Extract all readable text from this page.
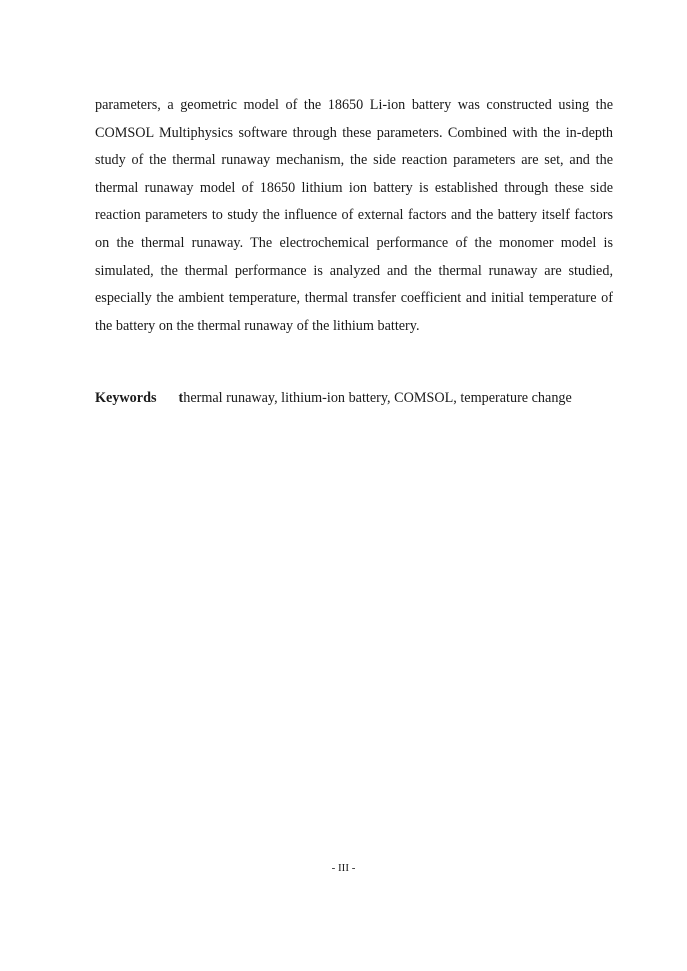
parameters, a geometric model of the 18650 Li-ion battery was constructed using the COMSOL Multiphysics software through these parameters. Combined with the in-depth study of the thermal runaway mechanism, the side reaction parameters are set, and the thermal runaway model of 18650 lithium ion battery is established through these side reaction parameters to study the influence of external factors and the battery itself factors on the thermal runaway. The electrochemical performance of the monomer model is simulated, the thermal performance is analyzed and the thermal runaway are studied, especially the ambient temperature, thermal transfer coefficient and initial temperature of the battery on the thermal runaway of the lithium battery.

Keywords thermal runaway, lithium-ion battery, COMSOL, temperature change

- III -
